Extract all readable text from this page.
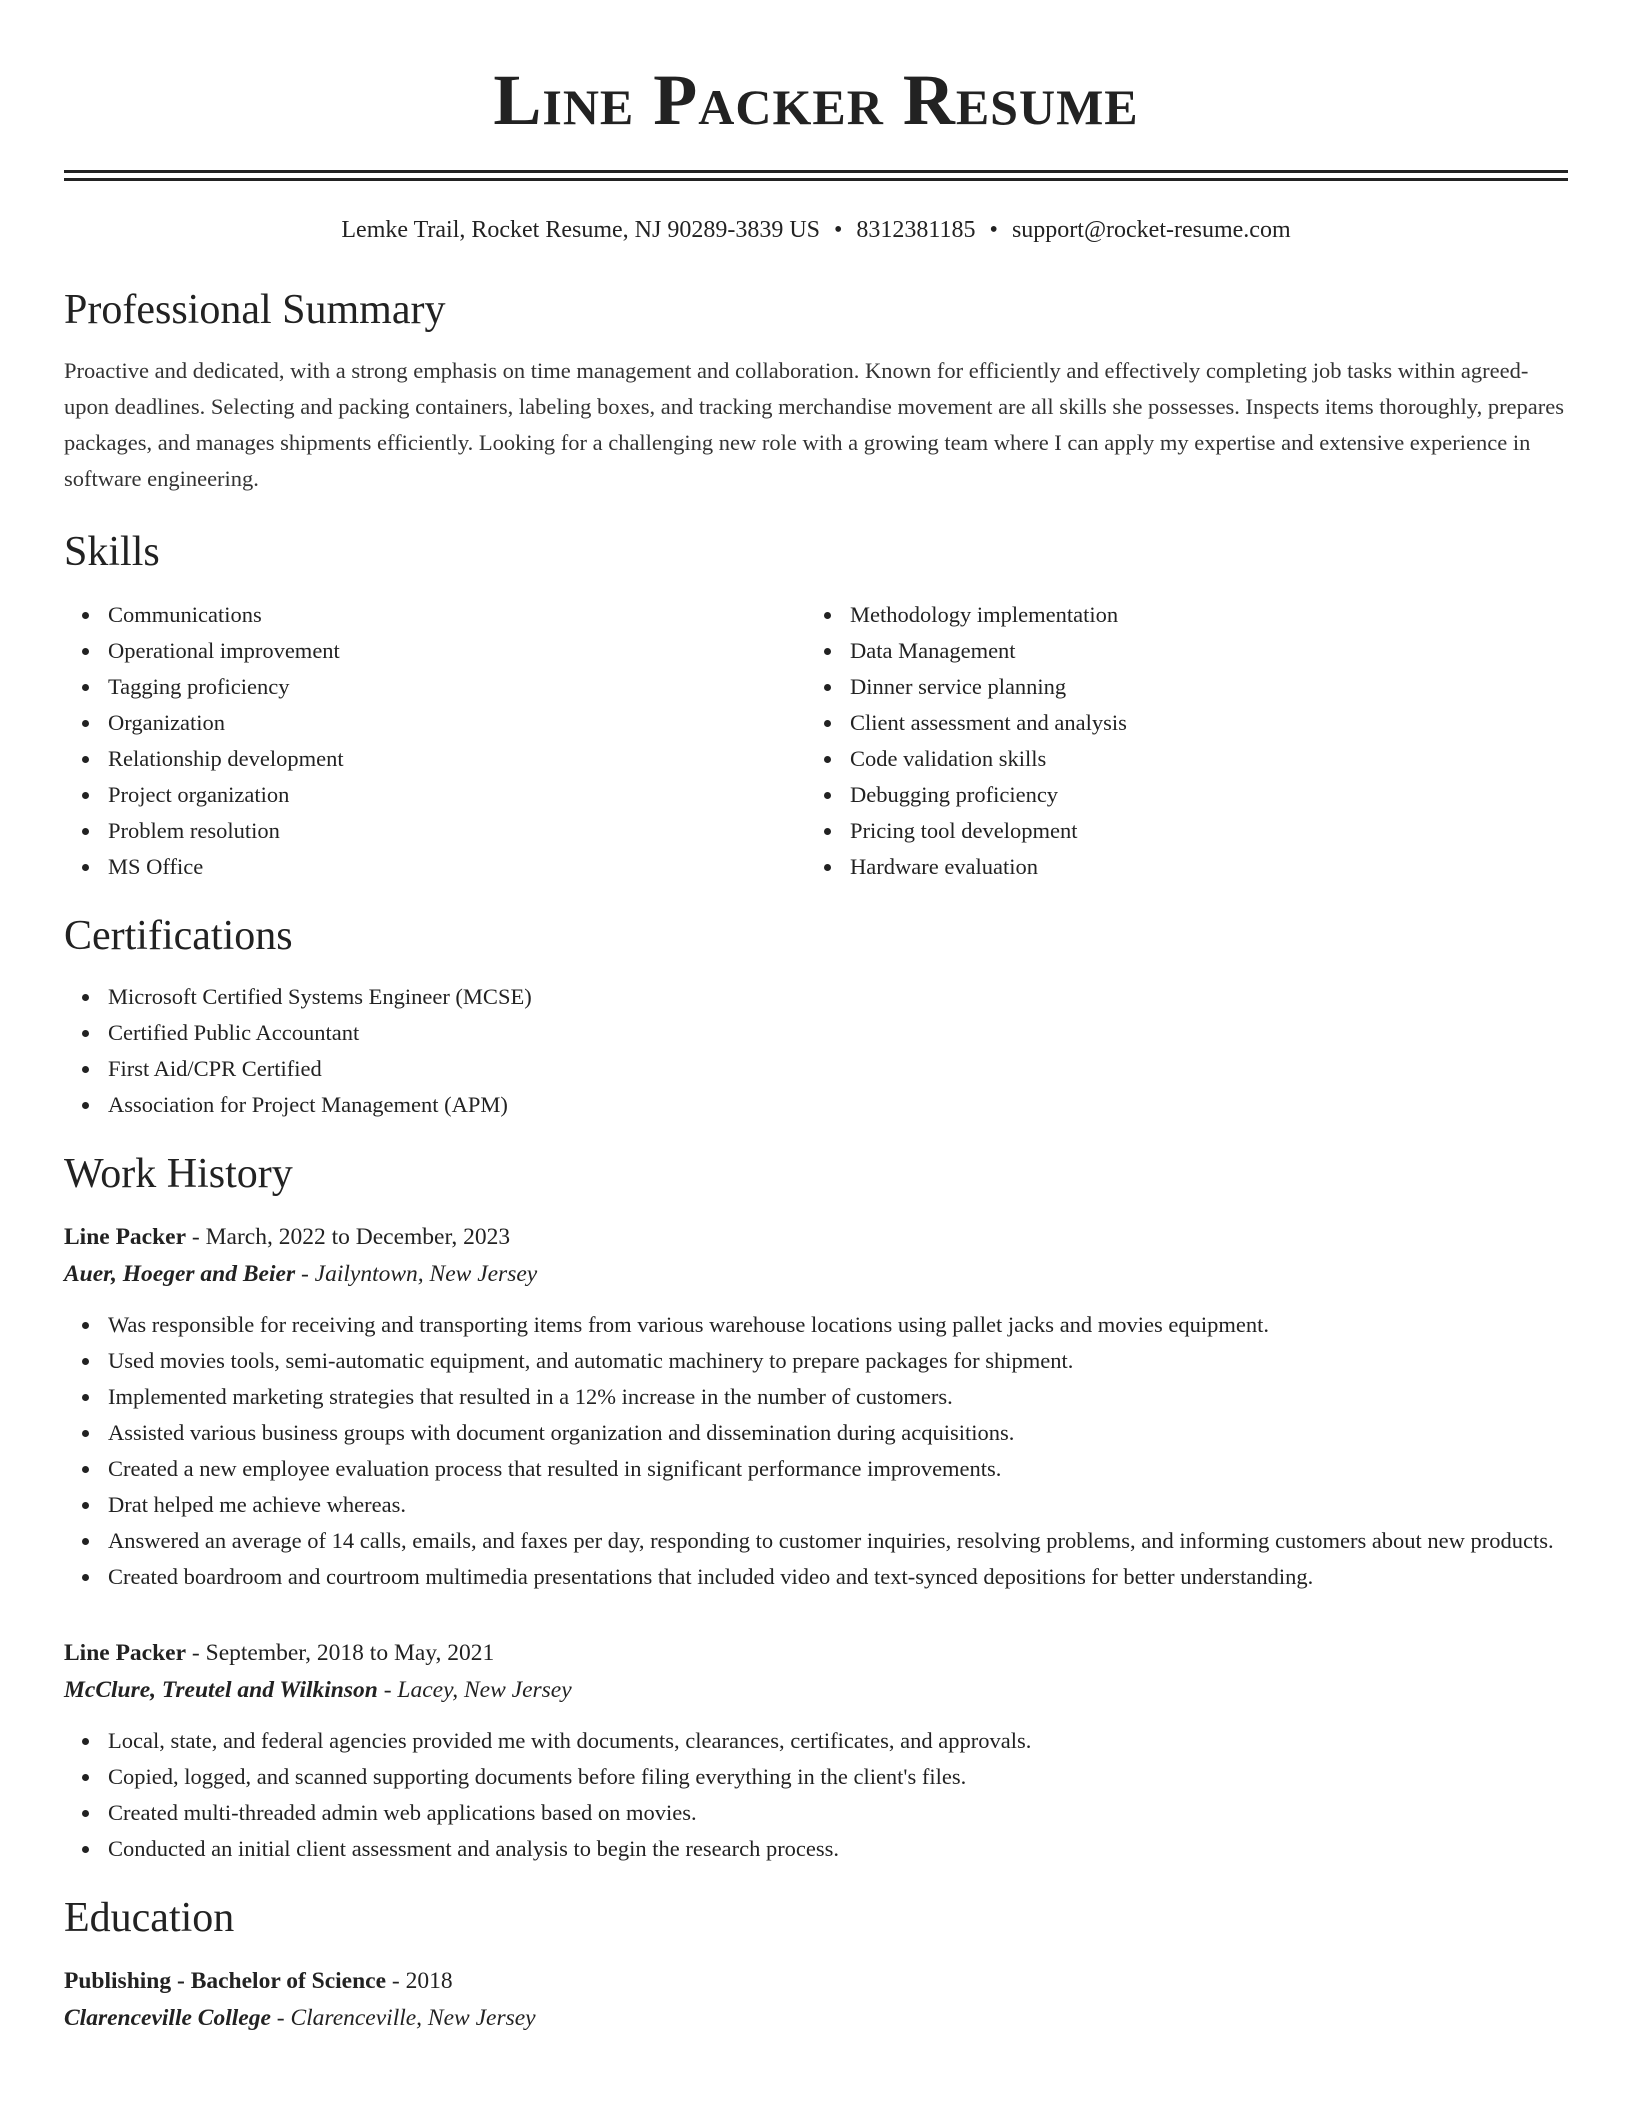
Line Packer Resume
Lemke Trail, Rocket Resume, NJ 90289-3839 US • 8312381185 • support@rocket-resume.com
Professional Summary

Proactive and dedicated, with a strong emphasis on time management and collaboration. Known for efficiently and effectively completing job tasks within agreed-upon deadlines. Selecting and packing containers, labeling boxes, and tracking merchandise movement are all skills she possesses. Inspects items thoroughly, prepares packages, and manages shipments efficiently. Looking for a challenging new role with a growing team where I can apply my expertise and extensive experience in software engineering.

Skills
Communications
Operational improvement
Tagging proficiency
Organization
Relationship development
Project organization
Problem resolution
MS Office
Methodology implementation
Data Management
Dinner service planning
Client assessment and analysis
Code validation skills
Debugging proficiency
Pricing tool development
Hardware evaluation
Certifications
Microsoft Certified Systems Engineer (MCSE)
Certified Public Accountant
First Aid/CPR Certified
Association for Project Management (APM)
Work History
Line Packer - March, 2022 to December, 2023
Auer, Hoeger and Beier - Jailyntown, New Jersey
Was responsible for receiving and transporting items from various warehouse locations using pallet jacks and movies equipment.
Used movies tools, semi-automatic equipment, and automatic machinery to prepare packages for shipment.
Implemented marketing strategies that resulted in a 12% increase in the number of customers.
Assisted various business groups with document organization and dissemination during acquisitions.
Created a new employee evaluation process that resulted in significant performance improvements.
Drat helped me achieve whereas.
Answered an average of 14 calls, emails, and faxes per day, responding to customer inquiries, resolving problems, and informing customers about new products.
Created boardroom and courtroom multimedia presentations that included video and text-synced depositions for better understanding.
Line Packer - September, 2018 to May, 2021
McClure, Treutel and Wilkinson - Lacey, New Jersey
Local, state, and federal agencies provided me with documents, clearances, certificates, and approvals.
Copied, logged, and scanned supporting documents before filing everything in the client's files.
Created multi-threaded admin web applications based on movies.
Conducted an initial client assessment and analysis to begin the research process.
Education
Publishing - Bachelor of Science - 2018
Clarenceville College - Clarenceville, New Jersey
